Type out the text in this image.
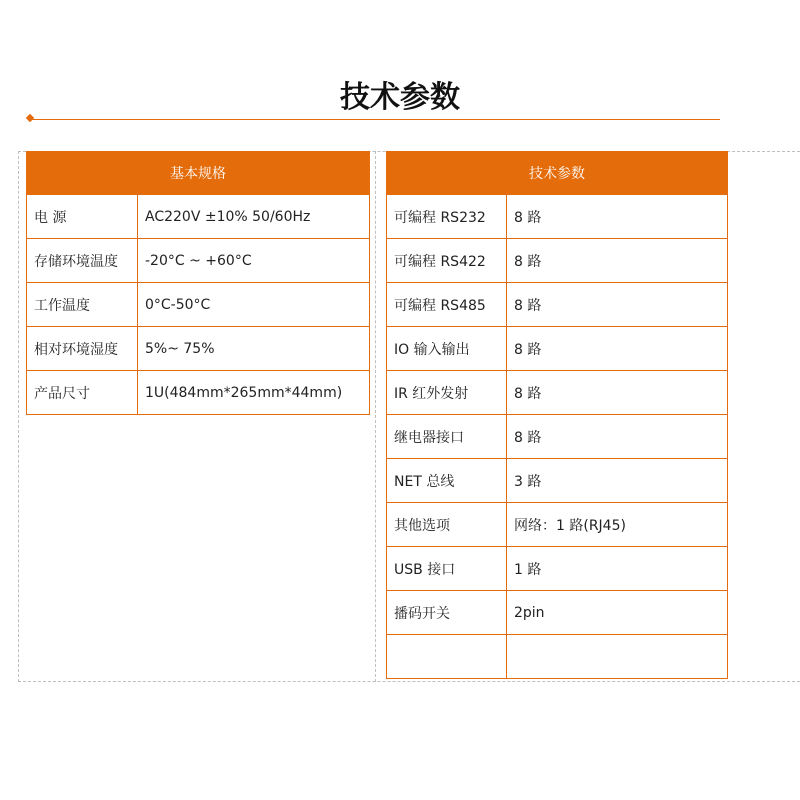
技术参数
基本规格	
电 源	AC220V ±10% 50/60Hz
存储环境温度	-20°C ~ +60°C
工作温度	0°C-50°C
相对环境湿度	5%~ 75%
产品尺寸	1U(484mm*265mm*44mm)
技术参数	
可编程 RS232	8 路
可编程 RS422	8 路
可编程 RS485	8 路
IO 输入输出	8 路
IR 红外发射	8 路
继电器接口	8 路
NET 总线	3 路
其他选项	网络：1 路(RJ45)
USB 接口	1 路
播码开关	2pin
